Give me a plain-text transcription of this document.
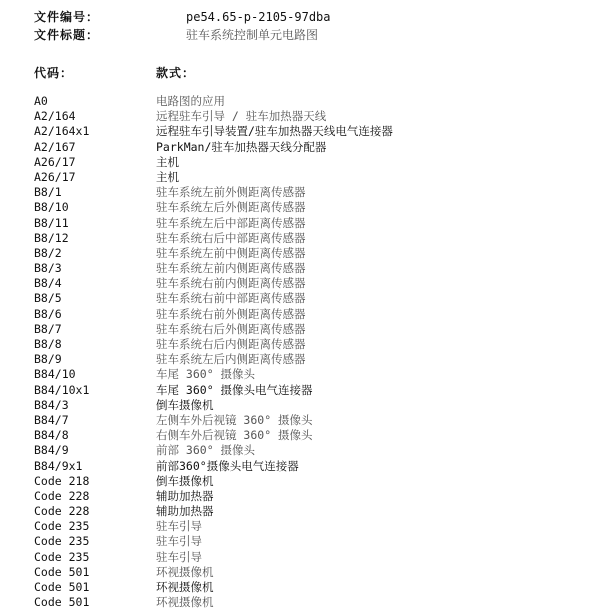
文件编号：	pe54.65-p-2105-97dba
文件标题：	驻车系统控制单元电路图
代码：	款式：
A0	电路图的应用
A2/164	远程驻车引导 / 驻车加热器天线
A2/164x1	远程驻车引导装置/驻车加热器天线电气连接器
A2/167	ParkMan/驻车加热器天线分配器
A26/17	主机
A26/17	主机
B8/1	驻车系统左前外侧距离传感器
B8/10	驻车系统左后外侧距离传感器
B8/11	驻车系统左后中部距离传感器
B8/12	驻车系统右后中部距离传感器
B8/2	驻车系统左前中侧距离传感器
B8/3	驻车系统左前内侧距离传感器
B8/4	驻车系统右前内侧距离传感器
B8/5	驻车系统右前中部距离传感器
B8/6	驻车系统右前外侧距离传感器
B8/7	驻车系统右后外侧距离传感器
B8/8	驻车系统右后内侧距离传感器
B8/9	驻车系统左后内侧距离传感器
B84/10	车尾 360° 摄像头
B84/10x1	车尾 360° 摄像头电气连接器
B84/3	倒车摄像机
B84/7	左侧车外后视镜 360° 摄像头
B84/8	右侧车外后视镜 360° 摄像头
B84/9	前部 360° 摄像头
B84/9x1	前部360°摄像头电气连接器
Code 218	倒车摄像机
Code 228	辅助加热器
Code 228	辅助加热器
Code 235	驻车引导
Code 235	驻车引导
Code 235	驻车引导
Code 501	环视摄像机
Code 501	环视摄像机
Code 501	环视摄像机
